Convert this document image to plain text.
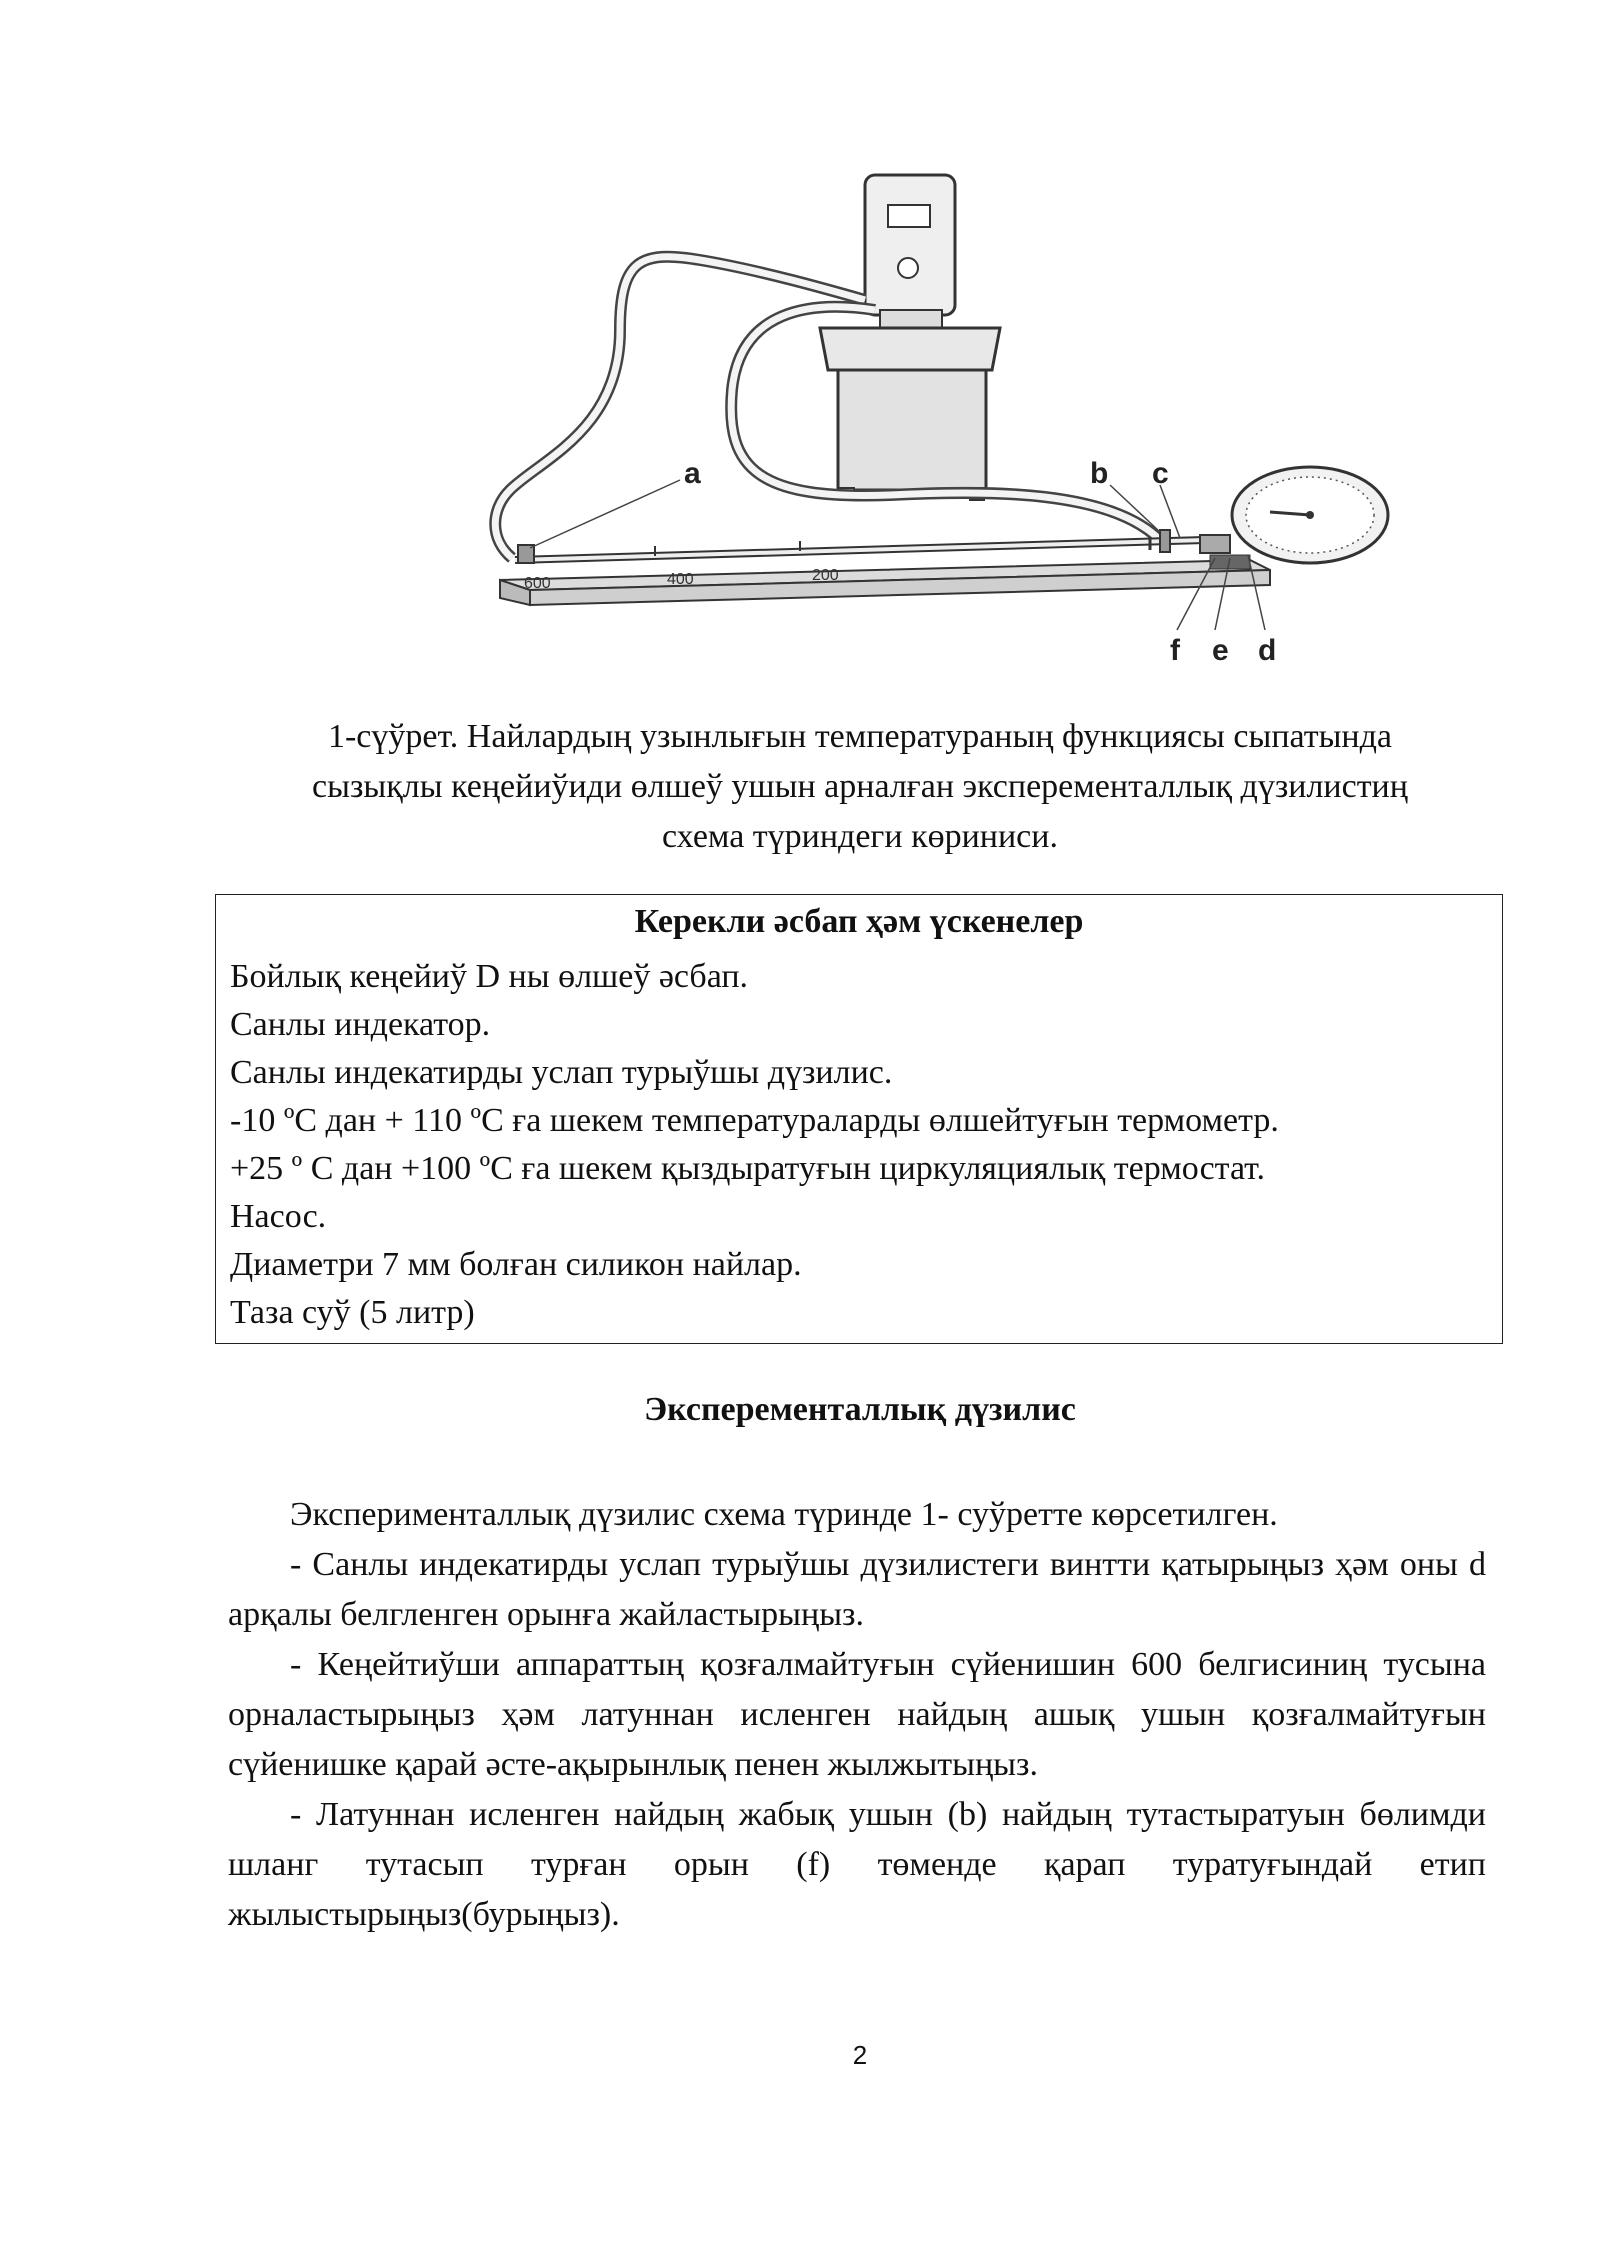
600	400	200
a	b c
f e d
1-сүўрет. Найлардың узынлығын температураның функциясы сыпатында
сызықлы кеңейиўиди өлшеў ушын арналған эксперементаллық дүзилистиң
схема түриндеги көриниси.
Керекли әсбап ҳәм үскенелер
Бойлық кеңейиў D ны өлшеў әсбап.
Санлы индекатор.
Санлы индекатирды услап турыўшы дүзилис.
-10 ºC дан + 110 ºC ға шекем температураларды өлшейтуғын термометр.
+25 º C дан +100 ºC ға шекем қыздыратуғын циркуляциялық термостат.
Насос.
Диаметри 7 мм болған силикон найлар.
Таза суў (5 литр)
Эксперементаллық дүзилис

Эксперименталлық дүзилис схема түринде 1- суўретте көрсетилген.

- Санлы индекатирды услап турыўшы дүзилистеги винтти қатырыңыз ҳәм оны d арқалы белгленген орынға жайластырыңыз.

- Кеңейтиўши аппараттың қозғалмайтуғын сүйенишин 600 белгисиниң тусына орналастырыңыз ҳәм латуннан исленген найдың ашық ушын қозғалмайтуғын сүйенишке қарай әсте-ақырынлық пенен жылжытыңыз.

- Латуннан исленген найдың жабық ушын (b) найдың тутастыратуын бөлимди шланг тутасып турған орын (f) төменде қарап туратуғындай етип жылыстырыңыз(бурыңыз).

2
